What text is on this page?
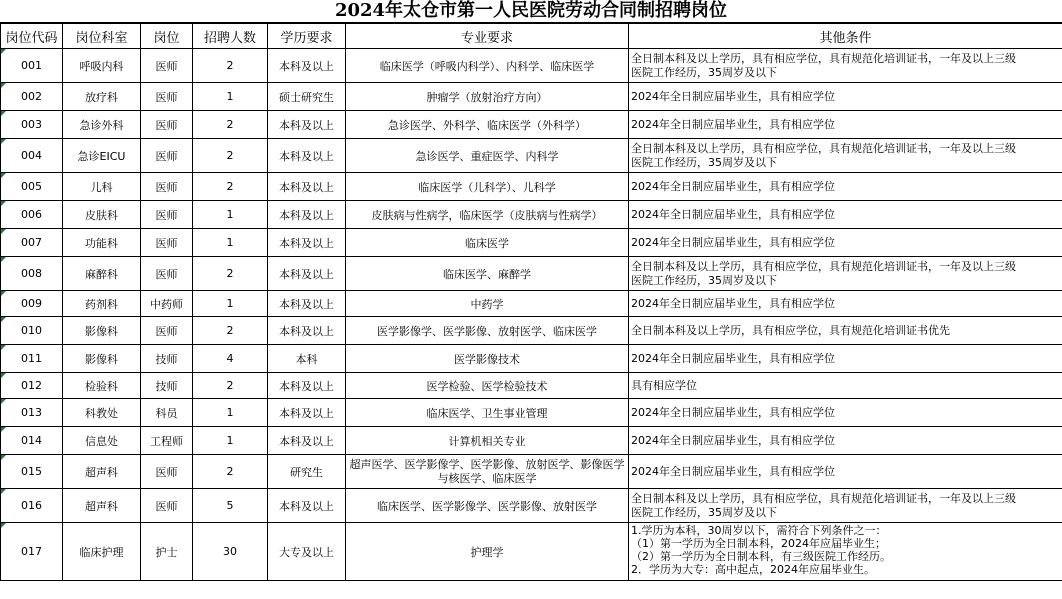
2024年太仓市第一人民医院劳动合同制招聘岗位
岗位代码	岗位科室	岗位	招聘人数	学历要求	专业要求	其他条件
001	呼吸内科	医师	2	本科及以上	临床医学（呼吸内科学）、内科学、临床医学	全日制本科及以上学历，具有相应学位，具有规范化培训证书，一年及以上三级
医院工作经历，35周岁及以下

002	放疗科	医师	1	硕士研究生	肿瘤学（放射治疗方向）	2024年全日制应届毕业生，具有相应学位

003	急诊外科	医师	2	本科及以上	急诊医学、外科学、临床医学（外科学）	2024年全日制应届毕业生，具有相应学位

004	急诊EICU	医师	2	本科及以上	急诊医学、重症医学、内科学	全日制本科及以上学历，具有相应学位，具有规范化培训证书，一年及以上三级
医院工作经历，35周岁及以下

005	儿科	医师	2	本科及以上	临床医学（儿科学）、儿科学	2024年全日制应届毕业生，具有相应学位

006	皮肤科	医师	1	本科及以上	皮肤病与性病学，临床医学（皮肤病与性病学）	2024年全日制应届毕业生，具有相应学位

007	功能科	医师	1	本科及以上	临床医学	2024年全日制应届毕业生，具有相应学位

008	麻醉科	医师	2	本科及以上	临床医学、麻醉学	全日制本科及以上学历，具有相应学位，具有规范化培训证书，一年及以上三级
医院工作经历，35周岁及以下

009	药剂科	中药师	1	本科及以上	中药学	2024年全日制应届毕业生，具有相应学位

010	影像科	医师	2	本科及以上	医学影像学、医学影像、放射医学、临床医学	全日制本科及以上学历，具有相应学位，具有规范化培训证书优先

011	影像科	技师	4	本科	医学影像技术	2024年全日制应届毕业生，具有相应学位

012	检验科	技师	2	本科及以上	医学检验、医学检验技术	具有相应学位

013	科教处	科员	1	本科及以上	临床医学、卫生事业管理	2024年全日制应届毕业生，具有相应学位

014	信息处	工程师	1	本科及以上	计算机相关专业	2024年全日制应届毕业生，具有相应学位

015	超声科	医师	2	研究生	超声医学、医学影像学、医学影像、放射医学、影像医学与核医学、临床医学	2024年全日制应届毕业生，具有相应学位

016	超声科	医师	5	本科及以上	临床医学、医学影像学、医学影像、放射医学	全日制本科及以上学历，具有相应学位，具有规范化培训证书，一年及以上三级
医院工作经历，35周岁及以下

017	临床护理	护士	30	大专及以上	护理学	1.学历为本科，30周岁以下，需符合下列条件之一：
（1）第一学历为全日制本科，2024年应届毕业生；
（2）第一学历为全日制本科，有三级医院工作经历。
2．学历为大专：高中起点，2024年应届毕业生。
